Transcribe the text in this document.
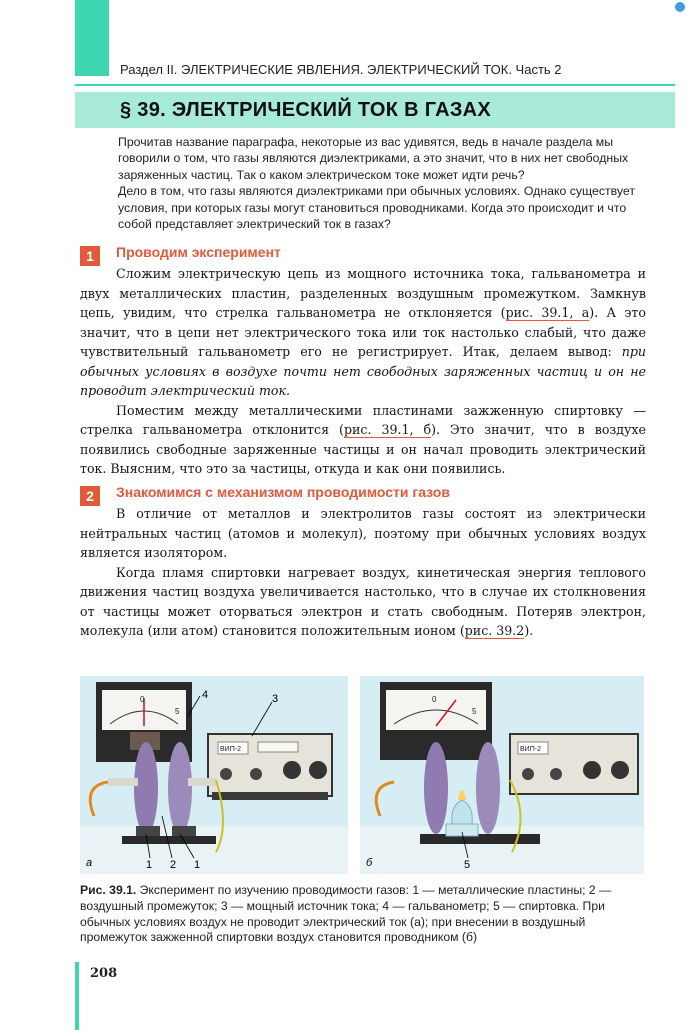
Раздел II. ЭЛЕКТРИЧЕСКИЕ ЯВЛЕНИЯ. ЭЛЕКТРИЧЕСКИЙ ТОК. Часть 2
§ 39. ЭЛЕКТРИЧЕСКИЙ ТОК В ГАЗАХ

Прочитав название параграфа, некоторые из вас удивятся, ведь в начале раздела мы говорили о том, что газы являются диэлектриками, а это значит, что в них нет свободных заряженных частиц. Так о каком электрическом токе может идти речь?

Дело в том, что газы являются диэлектриками при обычных условиях. Однако существует условия, при которых газы могут становиться проводниками. Когда это происходит и что собой представляет электрический ток в газах?

1	Проводим эксперимент

Сложим электрическую цепь из мощного источника тока, гальванометра и двух металлических пластин, разделенных воздушным промежутком. Замкнув цепь, увидим, что стрелка гальванометра не отклоняется (рис. 39.1, а). А это значит, что в цепи нет электрического тока или ток настолько слабый, что даже чувствительный гальванометр его не регистрирует. Итак, делаем вывод: при обычных условиях в воздухе почти нет свободных заряженных частиц и он не проводит электрический ток.

Поместим между металлическими пластинами зажженную спиртовку — стрелка гальванометра отклонится (рис. 39.1, б). Это значит, что в воздухе появились свободные заряженные частицы и он начал проводить электрический ток. Выясним, что это за частицы, откуда и как они появились.

2	Знакомимся с механизмом проводимости газов

В отличие от металлов и электролитов газы состоят из электрически нейтральных частиц (атомов и молекул), поэтому при обычных условиях воздух является изолятором.

Когда пламя спиртовки нагревает воздух, кинетическая энергия теплового движения частиц воздуха увеличивается настолько, что в случае их столкновения от частицы может оторваться электрон и стать свободным. Потеряв электрон, молекула (или атом) становится положительным ионом (рис. 39.2).

0
5
ВИП-2
4	3
1 2 1
а
0
5
ВИП-2
5
б
Рис. 39.1. Эксперимент по изучению проводимости газов: 1 — металлические пластины; 2 — воздушный промежуток; 3 — мощный источник тока; 4 — гальванометр; 5 — спиртовка. При обычных условиях воздух не проводит электрический ток (а); при внесении в воздушный промежуток зажженной спиртовки воздух становится проводником (б)
208
